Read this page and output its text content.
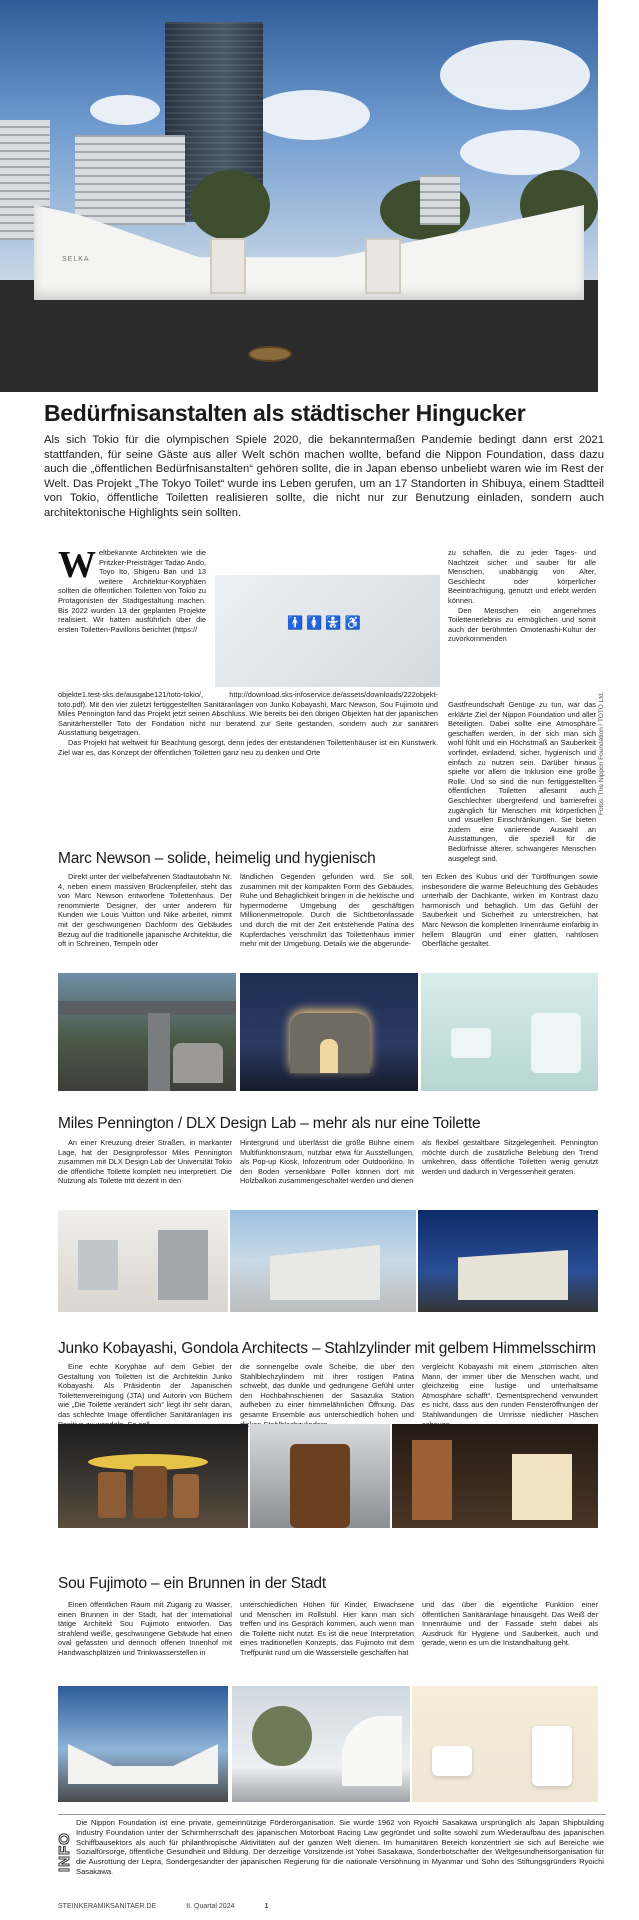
SELKA
Bedürfnisanstalten als städtischer Hingucker

Als sich Tokio für die olympischen Spiele 2020, die bekanntermaßen Pandemie bedingt dann erst 2021 stattfanden, für seine Gäste aus aller Welt schön machen wollte, befand die Nippon Foundation, dass dazu auch die „öffentlichen Bedürfnisanstalten“ gehören sollte, die in Japan ebenso unbeliebt waren wie im Rest der Welt. Das Projekt „The Tokyo Toilet“ wurde ins Leben gerufen, um an 17 Standorten in Shibuya, einem Stadtteil von Tokio, öffentliche Toiletten realisieren sollte, die nicht nur zur Benutzung einladen, sondern auch architektonische Highlights sein sollten.

Weltbekannte Architekten wie die Pritzker-Preisträger Tadao Ando, Toyo Ito, Shigeru Ban und 13 weitere Architektur-Koryphäen sollten die öffentlichen Toiletten von Tokio zu Protagonisten der Stadtgestaltung machen. Bis 2022 wurden 13 der geplanten Projekte realisiert. Wir hatten ausführlich über die ersten Toiletten-Pavillons berichtet (https://	🚹🚺🚼♿

objekte1.test-sks.de/ausgabe121/toto-tokio/, http://download.sks-infoservice.de/assets/downloads/222objekt-toto.pdf). Mit den vier zuletzt fertiggestellten Sanitäranlagen von Junko Kobayashi, Marc Newson, Sou Fujimoto und Miles Pennington fand das Projekt jetzt seinen Abschluss. Wie bereits bei den übrigen Objekten hat der japanischen Sanitärhersteller Toto der Fondation nicht nur beratend zur Seite gestanden, sondern auch zur sanitären Ausstattung beigetragen.

Das Projekt hat weltweit für Beachtung gesorgt, denn jedes der entstandenen Toilettenhäuser ist ein Kunstwerk. Ziel war es, das Konzept der öffentlichen Toiletten ganz neu zu denken und Orte

zu schaffen, die zu jeder Tages- und Nachtzeit sicher und sauber für alle Menschen, unabhängig von Alter, Geschlecht oder körperlicher Beeinträchtigung, genutzt und erlebt werden können.

Den Menschen ein angenehmes Toilettenerlebnis zu ermöglichen und somit auch der berühmten Omotenashi-Kultur der zuvorkommenden

Gastfreundschaft Genüge zu tun, war das erklärte Ziel der Nippon Foundation und aller Beteiligten. Dabei sollte eine Atmosphäre geschaffen werden, in der sich man sich wohl fühlt und ein Höchstmaß an Sauberkeit vorfindet, einladend, sicher, hygienisch und einfach zu nutzen sein. Darüber hinaus spielte vor allem die Inklusion eine große Rolle. Und so sind die nun fertiggestellten öffentlichen Toiletten allesamt auch Geschlechter übergreifend und barrierefrei zugänglich für Menschen mit körperlichen und visuellen Einschränkungen. Sie bieten zudem eine variierende Auswahl an Ausstattungen, die speziell für die Bedürfnisse älterer, schwangerer Menschen ausgelegt sind.
Fotos: The Nippon Foundation / TOTO Ltd.
Marc Newson – solide, heimelig und hygienisch
Direkt unter der vielbefahrenen Stadtautobahn Nr. 4, neben einem massiven Brückenpfeiler, steht das von Marc Newson entworfene Toilettenhaus. Der renommierte Designer, der unter anderem für Kunden wie Louis Vuitton und Nike arbeitet, nimmt mit der geschwungenen Dachform des Gebäudes Bezug auf die traditionelle japanische Architektur, die oft in Schreinen, Tempeln oder
ländlichen Gegenden gefunden wird. Sie soll, zusammen mit der kompakten Form des Gebäudes, Ruhe und Behaglichkeit bringen in die hektische und hypermoderne Umgebung der geschäftigen Millionenmetropole. Durch die Sichtbetonfassade und durch die mit der Zeit entstehende Patina des Kupferdaches verschmilzt das Toilettenhaus immer mehr mit der Umgebung. Details wie die abgerunde-
ten Ecken des Kubus und der Türöffnungen sowie insbesondere die warme Beleuchtung des Gebäudes unterhalb der Dachkante, wirken im Kontrast dazu harmonisch und behaglich. Um das Gefühl der Sauberkeit und Sicherheit zu unterstreichen, hat Marc Newson die kompletten Innenräume einfarbig in hellem Blaugrün und einer glatten, nahtlosen Oberfläche gestaltet.
Miles Pennington / DLX Design Lab – mehr als nur eine Toilette
An einer Kreuzung dreier Straßen, in markanter Lage, hat der Designprofessor Miles Pennington zusammen mit DLX Design Lab der Universität Tokio die öffentliche Toilette komplett neu interpretiert. Die Nutzung als Toilette tritt dezent in den
Hintergrund und überlässt die große Bühne einem Multifunktionsraum, nutzbar etwa für Ausstellungen, als Pop-up Kiosk, Infozentrum oder Outdoorkino. In den Boden versenkbare Poller können dort mit Holzbalkon zusammengeschaltet werden und dienen
als flexibel gestaltbare Sitzgelegenheit. Pennington möchte durch die zusätzliche Belebung den Trend umkehren, dass öffentliche Toiletten wenig genutzt werden und dadurch in Vergessenheit geraten.
Junko Kobayashi, Gondola Architects – Stahlzylinder mit gelbem Himmelsschirm
Eine echte Koryphäe auf dem Gebiet der Gestaltung von Toiletten ist die Architektin Junko Kobayashi. Als Präsidentin der Japanischen Toilettenvereinigung (JTA) und Autorin von Büchern wie „Die Toilette verändert sich“ liegt ihr sehr daran, das schlechte Image öffentlicher Sanitäranlagen ins
die sonnengelbe ovale Scheibe, die über den Stahlblechzylindern mit ihrer rostigen Patina schwebt, das dunkle und gedrungene Gefühl unter den Hochbahnschienen der Sasazuka Station aufheben zu einer himmelähnlichen Öffnung. Das gesamte Ensemble aus unterschiedlich hohen und
vergleicht Kobayashi mit einem „störrischen alten Mann, der immer über die Menschen wacht, und gleichzeitig eine lustige und unterhaltsame Atmosphäre schafft“. Dementsprechend verwundert es nicht, dass aus den runden Fensteröffnungen der Stahlwandungen die Umrisse niedlicher Häschen
Sou Fujimoto – ein Brunnen in der Stadt
Einen öffentlichen Raum mit Zugang zu Wasser, einen Brunnen in der Stadt, hat der international tätige Architekt Sou Fujimoto entworfen. Das strahlend weiße, geschwungene Gebäude hat einen oval gefassten und dennoch offenen Innenhof mit Handwaschplätzen und Trinkwasserstellen in
unterschiedlichen Höhen für Kinder, Erwachsene und Menschen im Rollstuhl. Hier kann man sich treffen und ins Gespräch kommen, auch wenn man die Toilette nicht nutzt. Es ist die neue Interpretation eines traditionellen Konzepts, das Fujimoto mit dem Treffpunkt rund um die Wasserstelle geschaffen hat
und das über die eigentliche Funktion einer öffentlichen Sanitäranlage hinausgeht. Das Weiß der Innenräume und der Fassade steht dabei als Ausdruck für Hygiene und Sauberkeit, auch und gerade, wenn es um die Instandhaltung geht.
INFO

Die Nippon Foundation ist eine private, gemeinnützige Förderorganisation. Sie wurde 1962 von Ryoichi Sasakawa ursprünglich als Japan Shipbuilding Industry Foundation unter der Schirmherrschaft des japanischen Motorboat Racing Law gegründet und sollte sowohl zum Wiederaufbau des japanischen Schiffbausektors als auch für philanthropische Aktivitäten auf der ganzen Welt dienen. Im humanitären Bereich konzentriert sie sich auf Bereiche wie Sozialfürsorge, öffentliche Gesundheit und Bildung. Der derzeitige Vorsitzende ist Yohei Sasakawa, Sonderbotschafter der Weltgesundheitsorganisation für die Ausrottung der Lepra, Sondergesandter der japanischen Regierung für die nationale Versöhnung in Myanmar und Sohn des Stiftungsgründers Ryoichi Sasakawa.

STEINKERAMIKSANITAER.DE	II. Quartal 2024	1
